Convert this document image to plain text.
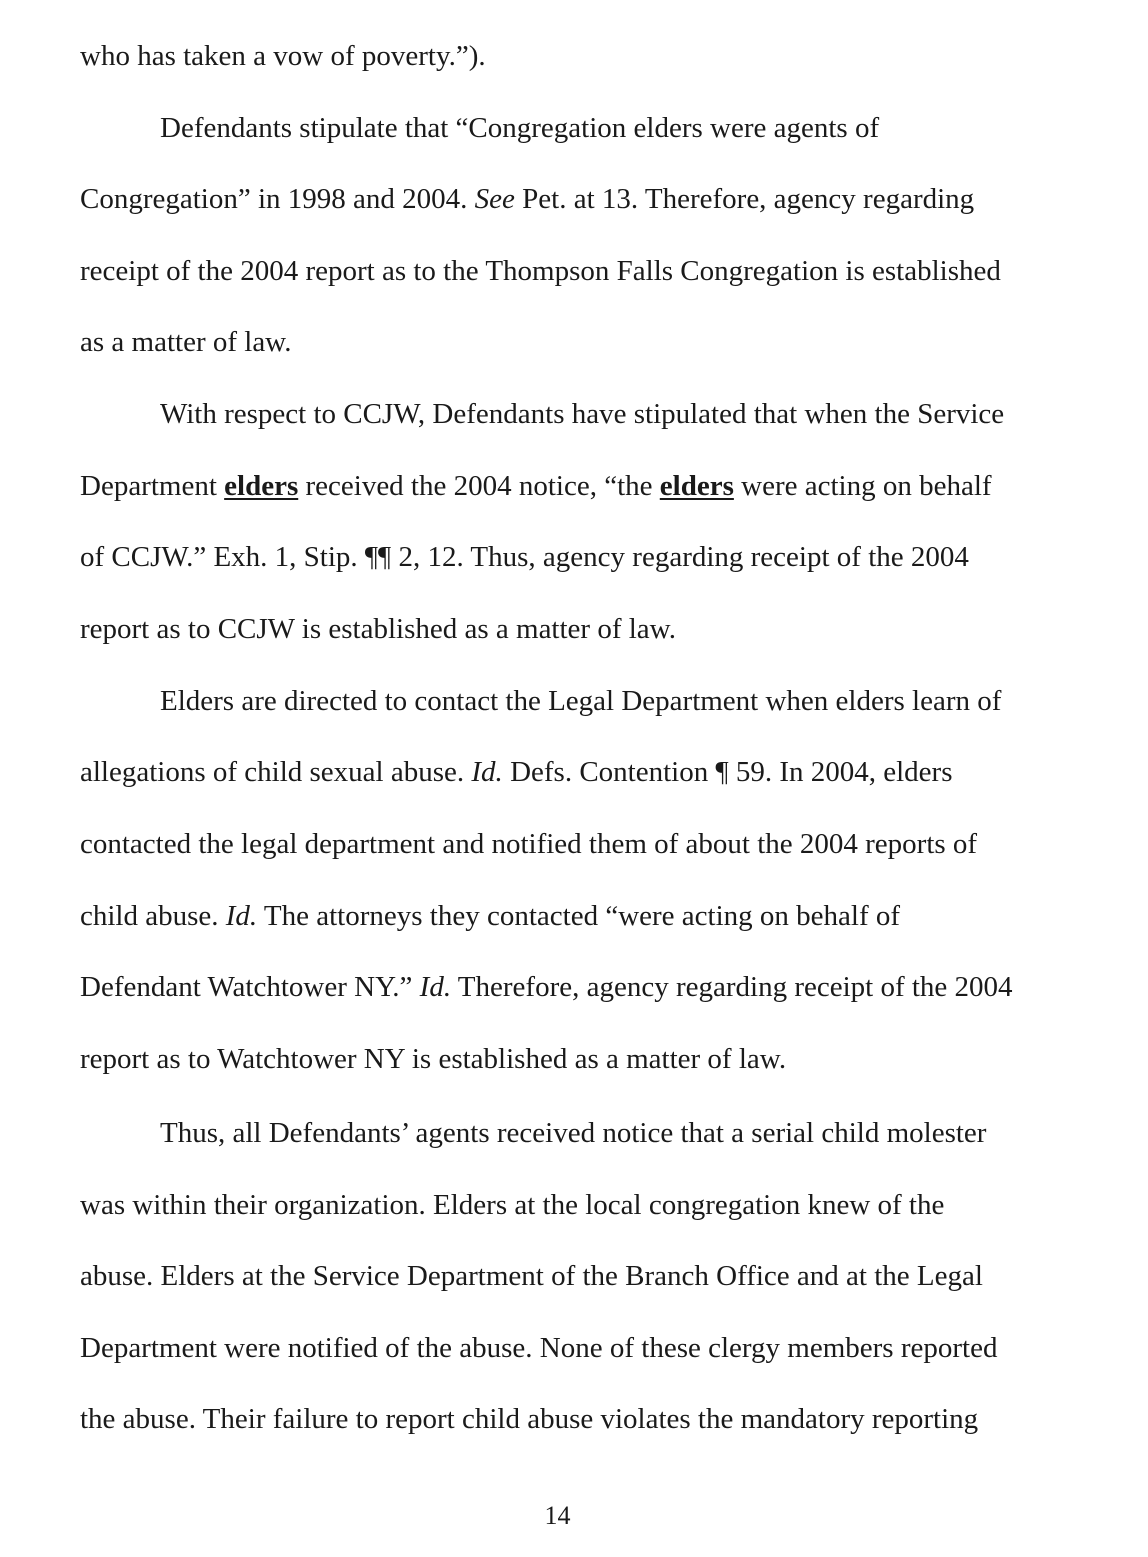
who has taken a vow of poverty.”).
Defendants stipulate that “Congregation elders were agents of
Congregation” in 1998 and 2004. See Pet. at 13. Therefore, agency regarding
receipt of the 2004 report as to the Thompson Falls Congregation is established
as a matter of law.
With respect to CCJW, Defendants have stipulated that when the Service
Department elders received the 2004 notice, “the elders were acting on behalf
of CCJW.” Exh. 1, Stip. ¶¶ 2, 12. Thus, agency regarding receipt of the 2004
report as to CCJW is established as a matter of law.
Elders are directed to contact the Legal Department when elders learn of
allegations of child sexual abuse. Id. Defs. Contention ¶ 59. In 2004, elders
contacted the legal department and notified them of about the 2004 reports of
child abuse. Id. The attorneys they contacted “were acting on behalf of
Defendant Watchtower NY.” Id. Therefore, agency regarding receipt of the 2004
report as to Watchtower NY is established as a matter of law.
Thus, all Defendants’ agents received notice that a serial child molester
was within their organization. Elders at the local congregation knew of the
abuse. Elders at the Service Department of the Branch Office and at the Legal
Department were notified of the abuse. None of these clergy members reported
the abuse. Their failure to report child abuse violates the mandatory reporting
14
